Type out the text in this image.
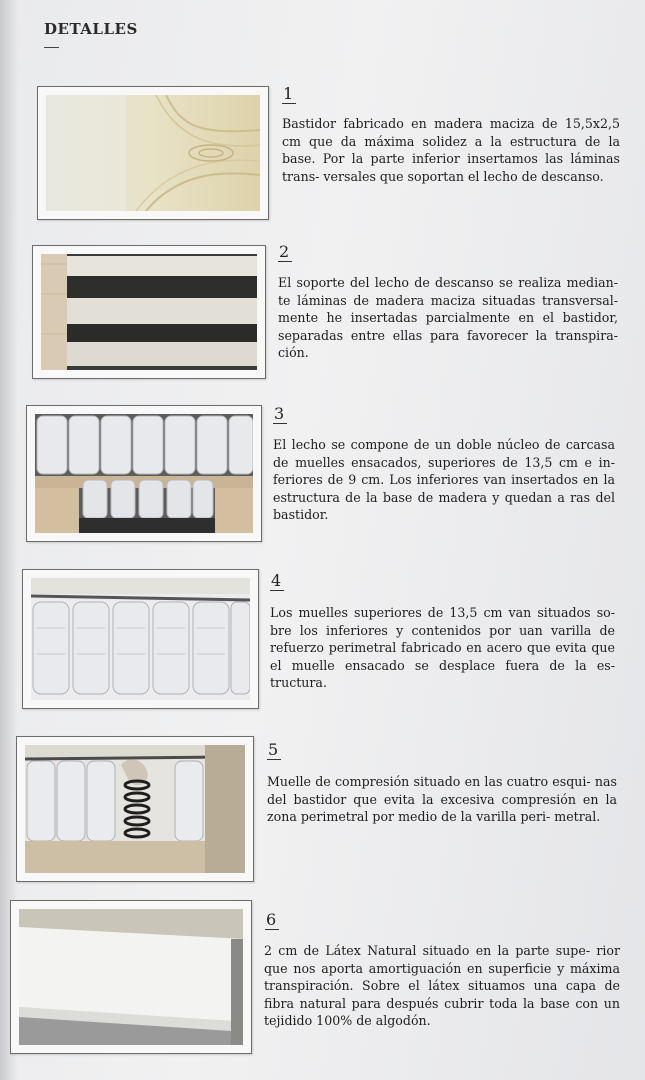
DETALLES
1
Bastidor fabricado en madera maciza de 15,5x2,5 cm que da máxima solidez a la estructura de la base. Por la parte inferior insertamos las láminas trans- versales que soportan el lecho de descanso.
2
El soporte del lecho de descanso se realiza median- te láminas de madera maciza situadas transversal- mente he insertadas parcialmente en el bastidor, separadas entre ellas para favorecer la transpira- ción.
3
El lecho se compone de un doble núcleo de carcasa de muelles ensacados, superiores de 13,5 cm e in- feriores de 9 cm. Los inferiores van insertados en la estructura de la base de madera y quedan a ras del bastidor.
4
Los muelles superiores de 13,5 cm van situados so- bre los inferiores y contenidos por uan varilla de refuerzo perimetral fabricado en acero que evita que el muelle ensacado se desplace fuera de la es- tructura.
5
Muelle de compresión situado en las cuatro esqui- nas del bastidor que evita la excesiva compresión en la zona perimetral por medio de la varilla peri- metral.
6
2 cm de Látex Natural situado en la parte supe- rior que nos aporta amortiguación en superficie y máxima transpiración. Sobre el látex situamos una capa de fibra natural para después cubrir toda la base con un tejidido 100% de algodón.
